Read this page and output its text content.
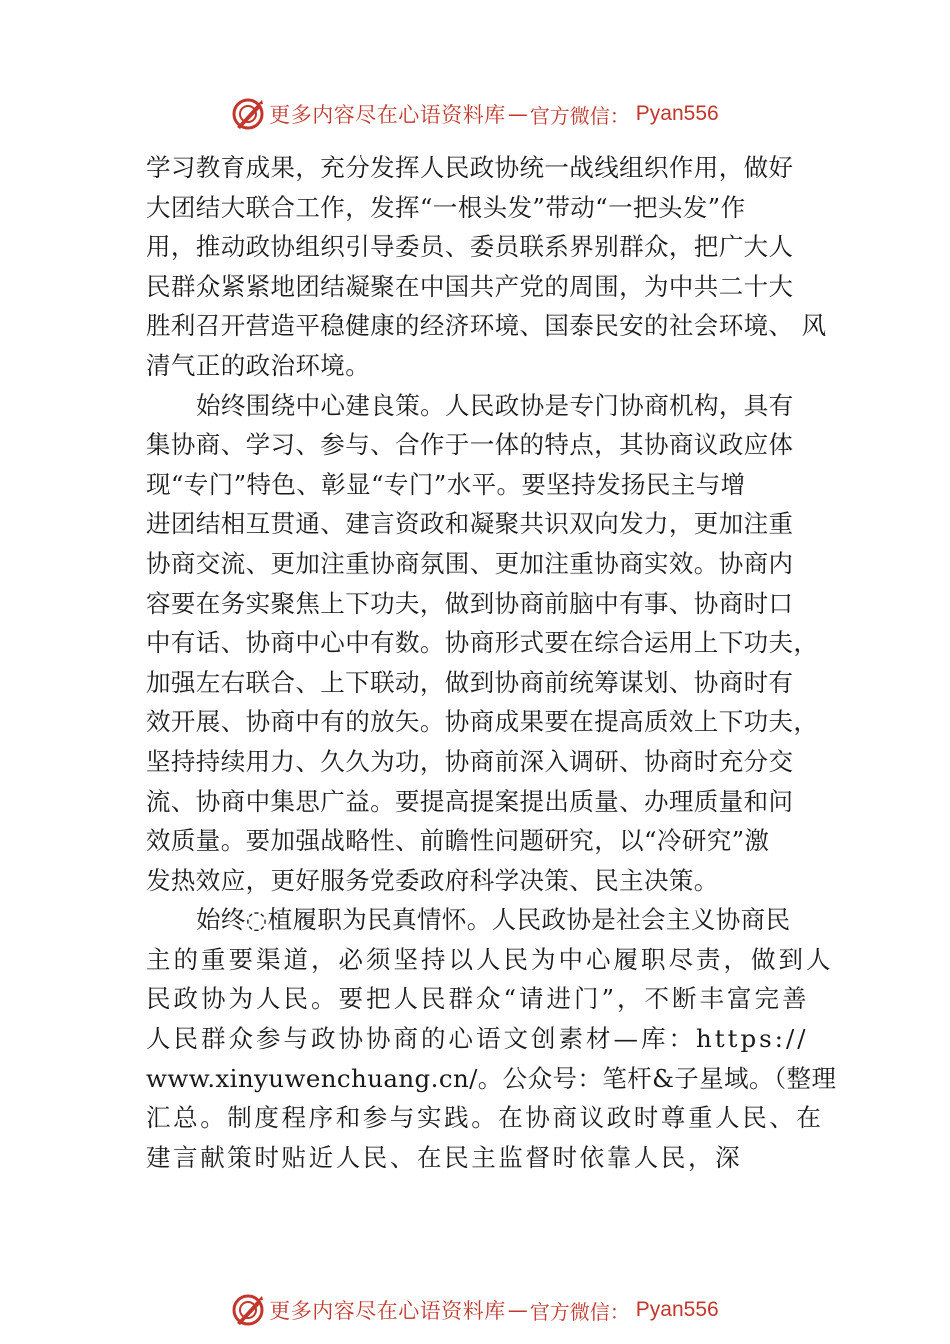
更多内容尽在心语资料库 — 官方微信： Pyan556
学习教育成果，充分发挥人民政协统一战线组织作用，做好
大团结大联合工作，发挥“一根头发”带动“一把头发”作
用，推动政协组织引导委员、委员联系界别群众，把广大人
民群众紧紧地团结凝聚在中国共产党的周围，为中共二十大
胜利召开营造平稳健康的经济环境、国泰民安的社会环境、 风
清气正的政治环境。
始终围绕中心建良策。人民政协是专门协商机构，具有
集协商、学习、参与、合作于一体的特点，其协商议政应体
现“专门”特色、彰显“专门”水平。要坚持发扬民主与增
进团结相互贯通、建言资政和凝聚共识双向发力，更加注重
协商交流、更加注重协商氛围、更加注重协商实效。协商内
容要在务实聚焦上下功夫，做到协商前脑中有事、协商时口
中有话、协商中心中有数。协商形式要在综合运用上下功夫，
加强左右联合、上下联动，做到协商前统筹谋划、协商时有
效开展、协商中有的放矢。协商成果要在提高质效上下功夫，
坚持持续用力、久久为功，协商前深入调研、协商时充分交
流、协商中集思广益。要提高提案提出质量、办理质量和问
效质量。要加强战略性、前瞻性问题研究，以“冷研究”激
发热效应，更好服务党委政府科学决策、民主决策。
始终◌植履职为民真情怀。人民政协是社会主义协商民
主的重要渠道，必须坚持以人民为中心履职尽责，做到人
民政协为人民。要把人民群众“请进门”，不断丰富完善
人民群众参与政协协商的心语文创素材—库：https://
www.xinyuwenchuang.cn/。公众号：笔杆&子星域。（整理
汇总。制度程序和参与实践。在协商议政时尊重人民、在
建言献策时贴近人民、在民主监督时依靠人民，深
更多内容尽在心语资料库 — 官方微信： Pyan556
